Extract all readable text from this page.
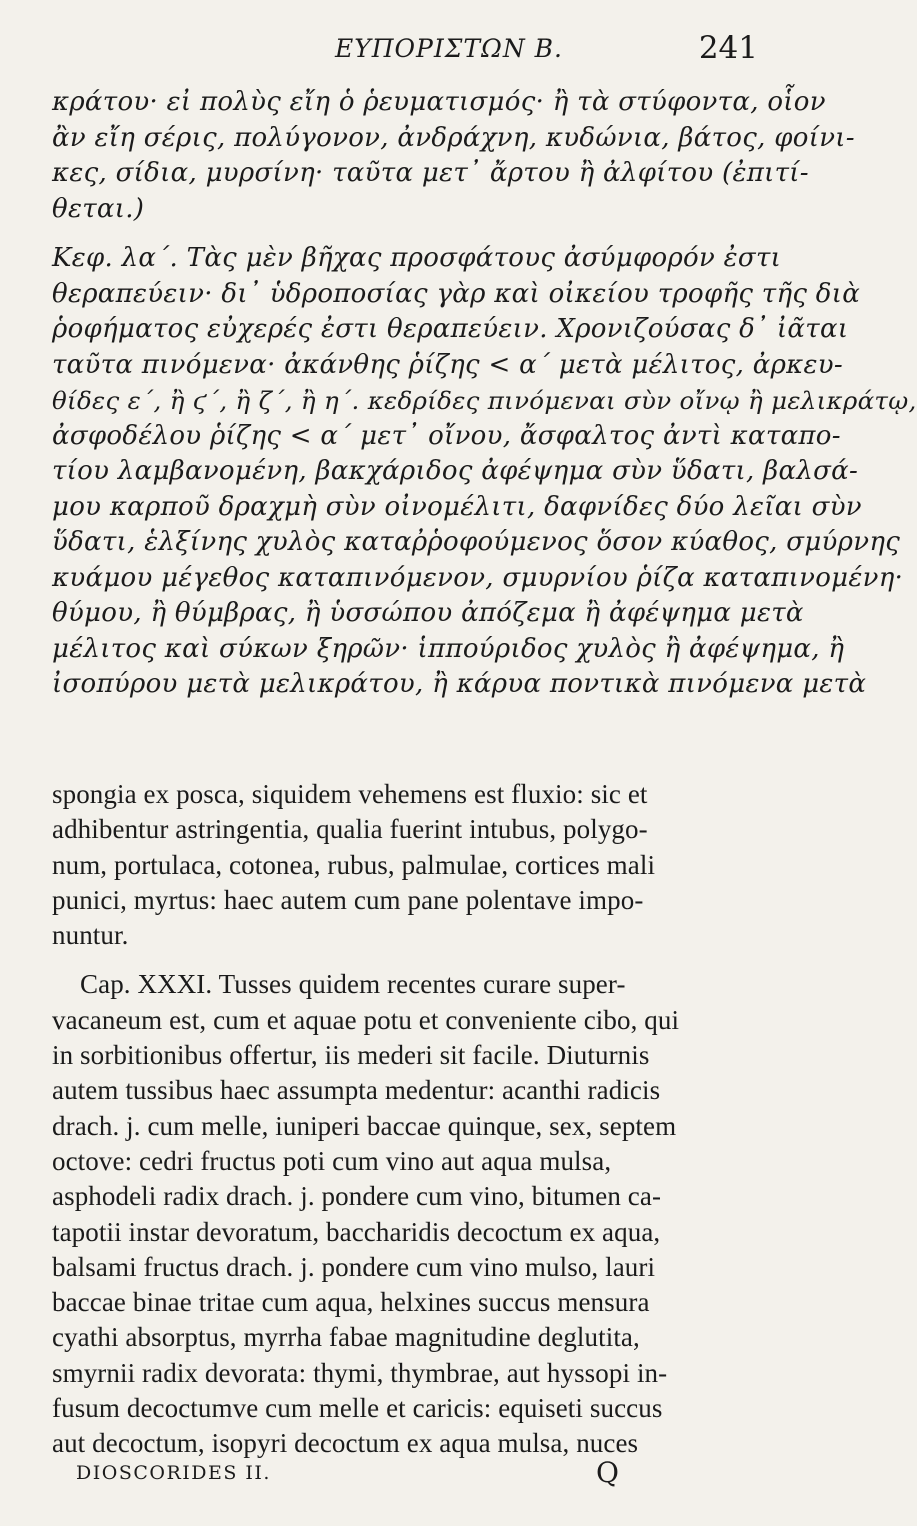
ΕΥΠΟΡΙΣΤΩΝ Β.	241
κράτου· εἰ πολὺς εἴη ὁ ῥευματισμός· ἢ τὰ στύφοντα, οἷον
ἂν εἴη σέρις, πολύγονον, ἀνδράχνη, κυδώνια, βάτος, φοίνι-
κες, σίδια, μυρσίνη· ταῦτα μετ᾽ ἄρτου ἢ ἀλφίτου (ἐπιτί-
θεται.)
Κεφ. λα΄. Τὰς μὲν βῆχας προσφάτους ἀσύμφορόν ἐστι
θεραπεύειν· δι᾽ ὑδροποσίας γὰρ καὶ οἰκείου τροφῆς τῆς διὰ
ῥοφήματος εὐχερές ἐστι θεραπεύειν. Χρονιζούσας δ᾽ ἰᾶται
ταῦτα πινόμενα· ἀκάνθης ῥίζης < α΄ μετὰ μέλιτος, ἀρκευ-
θίδες ε΄, ἢ ϛ΄, ἢ ζ΄, ἢ η΄. κεδρίδες πινόμεναι σὺν οἴνῳ ἢ μελικράτῳ,
ἀσφοδέλου ῥίζης < α΄ μετ᾽ οἴνου, ἄσφαλτος ἀντὶ καταπο-
τίου λαμβανομένη, βακχάριδος ἀφέψημα σὺν ὕδατι, βαλσά-
μου καρποῦ δραχμὴ σὺν οἰνομέλιτι, δαφνίδες δύο λεῖαι σὺν
ὕδατι, ἑλξίνης χυλὸς καταῤῥοφούμενος ὅσον κύαθος, σμύρνης
κυάμου μέγεθος καταπινόμενον, σμυρνίου ῥίζα καταπινομένη·
θύμου, ἢ θύμβρας, ἢ ὑσσώπου ἀπόζεμα ἢ ἀφέψημα μετὰ
μέλιτος καὶ σύκων ξηρῶν· ἱππούριδος χυλὸς ἢ ἀφέψημα, ἢ
ἰσοπύρου μετὰ μελικράτου, ἢ κάρυα ποντικὰ πινόμενα μετὰ
spongia ex posca, siquidem vehemens est fluxio: sic et
adhibentur astringentia, qualia fuerint intubus, polygo-
num, portulaca, cotonea, rubus, palmulae, cortices mali
punici, myrtus: haec autem cum pane polentave impo-
nuntur.
Cap. XXXI. Tusses quidem recentes curare super-
vacaneum est, cum et aquae potu et conveniente cibo, qui
in sorbitionibus offertur, iis mederi sit facile. Diuturnis
autem tussibus haec assumpta medentur: acanthi radicis
drach. j. cum melle, iuniperi baccae quinque, sex, septem
octove: cedri fructus poti cum vino aut aqua mulsa,
asphodeli radix drach. j. pondere cum vino, bitumen ca-
tapotii instar devoratum, baccharidis decoctum ex aqua,
balsami fructus drach. j. pondere cum vino mulso, lauri
baccae binae tritae cum aqua, helxines succus mensura
cyathi absorptus, myrrha fabae magnitudine deglutita,
smyrnii radix devorata: thymi, thymbrae, aut hyssopi in-
fusum decoctumve cum melle et caricis: equiseti succus
aut decoctum, isopyri decoctum ex aqua mulsa, nuces
DIOSCORIDES II.	Q
